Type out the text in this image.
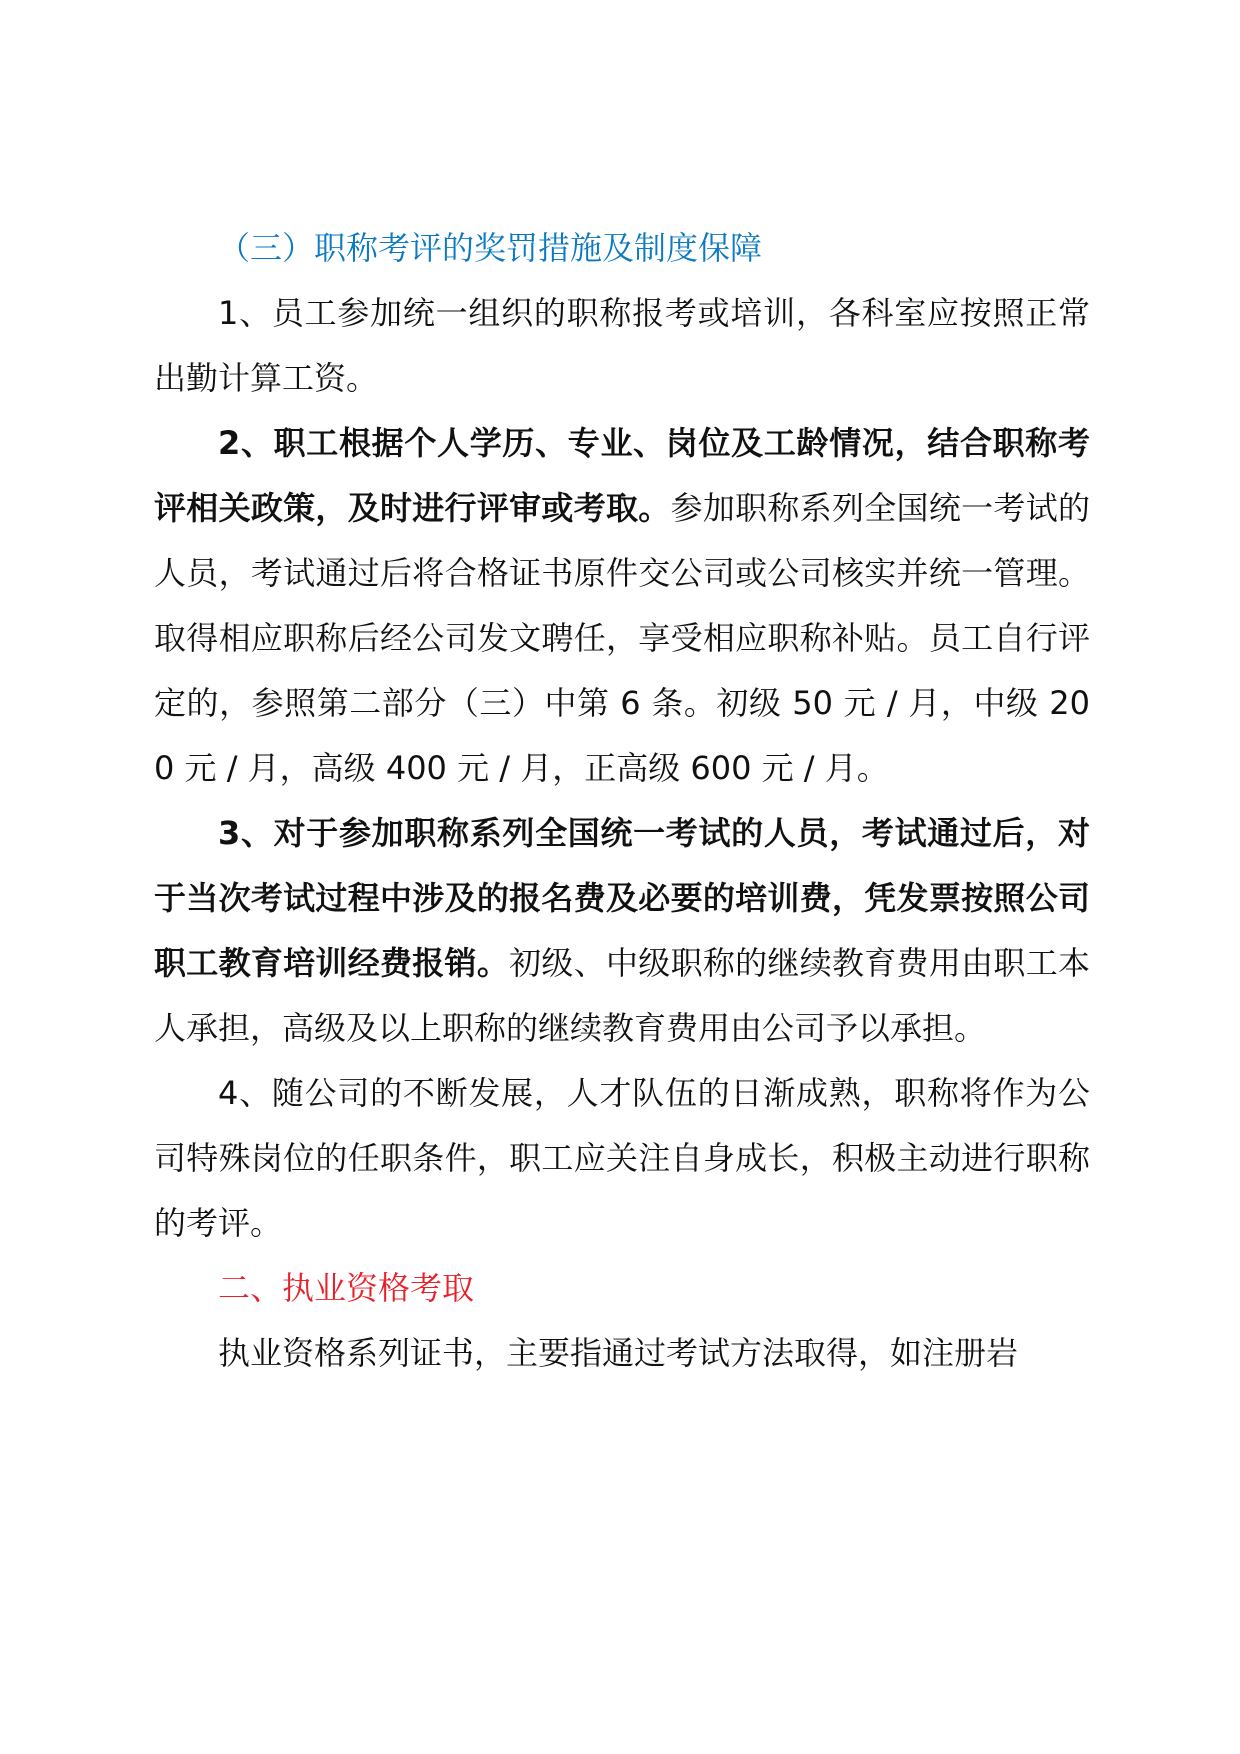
（三）职称考评的奖罚措施及制度保障

1、员工参加统一组织的职称报考或培训，各科室应按照正常出勤计算工资。

2、职工根据个人学历、专业、岗位及工龄情况，结合职称考评相关政策，及时进行评审或考取。参加职称系列全国统一考试的人员，考试通过后将合格证书原件交公司或公司核实并统一管理。取得相应职称后经公司发文聘任，享受相应职称补贴。员工自行评定的，参照第二部分（三）中第 6 条。初级 50 元 / 月，中级 200 元 / 月，高级 400 元 / 月，正高级 600 元 / 月。

3、对于参加职称系列全国统一考试的人员，考试通过后，对于当次考试过程中涉及的报名费及必要的培训费，凭发票按照公司职工教育培训经费报销。初级、中级职称的继续教育费用由职工本人承担，高级及以上职称的继续教育费用由公司予以承担。

4、随公司的不断发展，人才队伍的日渐成熟，职称将作为公司特殊岗位的任职条件，职工应关注自身成长，积极主动进行职称的考评。

二、执业资格考取

执业资格系列证书，主要指通过考试方法取得，如注册岩
